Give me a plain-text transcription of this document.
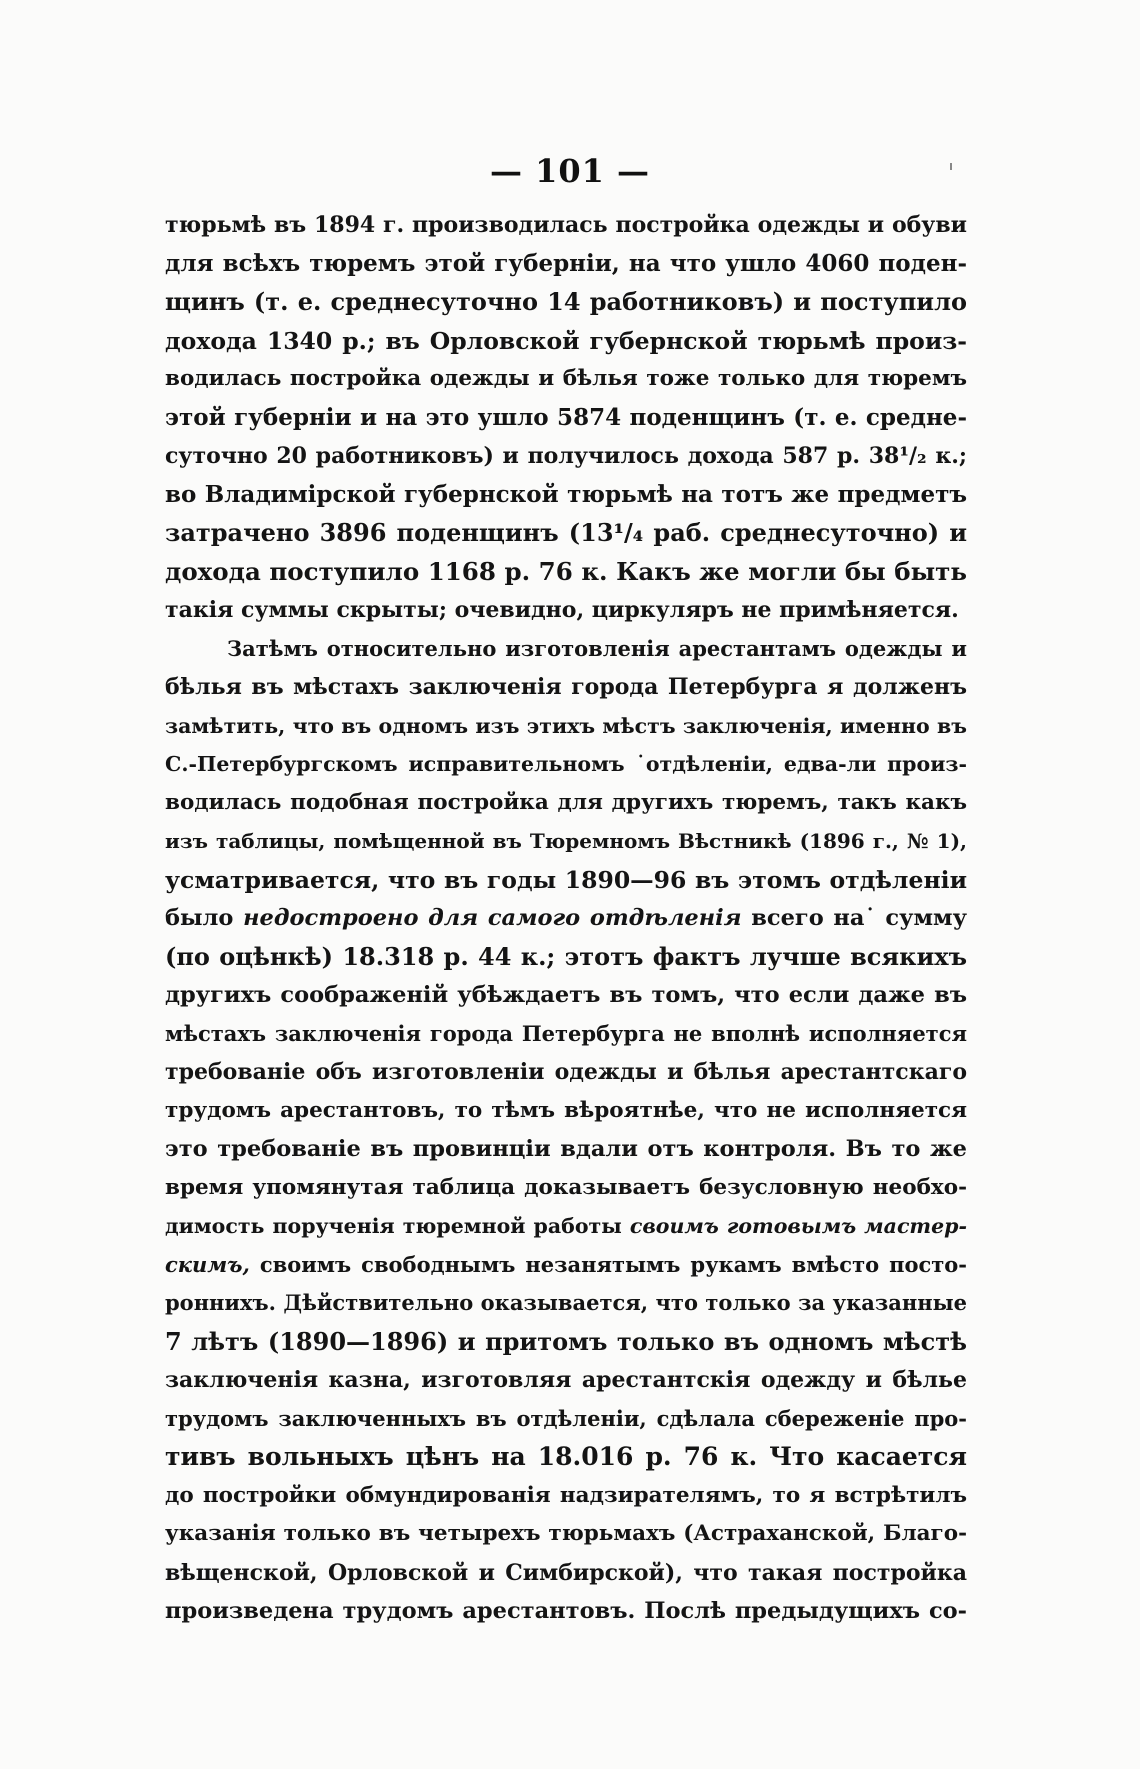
— 101 —
тюрьмѣ въ 1894 г. производилась постройка одежды и обуви
для всѣхъ тюремъ этой губерніи, на что ушло 4060 поден-
щинъ (т. е. среднесуточно 14 работниковъ) и поступило
дохода 1340 р.; въ Орловской губернской тюрьмѣ произ-
водилась постройка одежды и бѣлья тоже только для тюремъ
этой губерніи и на это ушло 5874 поденщинъ (т. е. средне-
суточно 20 работниковъ) и получилось дохода 587 р. 38¹/₂ к.;
во Владимірской губернской тюрьмѣ на тотъ же предметъ
затрачено 3896 поденщинъ (13¹/₄ раб. среднесуточно) и
дохода поступило 1168 р. 76 к. Какъ же могли бы быть
такія суммы скрыты; очевидно, циркуляръ не примѣняется.
Затѣмъ относительно изготовленія арестантамъ одежды и
бѣлья въ мѣстахъ заключенія города Петербурга я долженъ
замѣтить, что въ одномъ изъ этихъ мѣстъ заключенія, именно въ
С.-Петербургскомъ исправительномъ ˙отдѣленіи, едва-ли произ-
водилась подобная постройка для другихъ тюремъ, такъ какъ
изъ таблицы, помѣщенной въ Тюремномъ Вѣстникѣ (1896 г., № 1),
усматривается, что въ годы 1890—96 въ этомъ отдѣленіи
было недостроено для самого отдѣленія всего на˙ сумму
(по оцѣнкѣ) 18.318 р. 44 к.; этотъ фактъ лучше всякихъ
другихъ соображеній убѣждаетъ въ томъ, что если даже въ
мѣстахъ заключенія города Петербурга не вполнѣ исполняется
требованіе объ изготовленіи одежды и бѣлья арестантскаго
трудомъ арестантовъ, то тѣмъ вѣроятнѣе, что не исполняется
это требованіе въ провинціи вдали отъ контроля. Въ то же
время упомянутая таблица доказываетъ безусловную необхо-
димость порученія тюремной работы своимъ готовымъ мастер-
скимъ, своимъ свободнымъ незанятымъ рукамъ вмѣсто посто-
роннихъ. Дѣйствительно оказывается, что только за указанные
7 лѣтъ (1890—1896) и притомъ только въ одномъ мѣстѣ
заключенія казна, изготовляя арестантскія одежду и бѣлье
трудомъ заключенныхъ въ отдѣленіи, сдѣлала сбереженіе про-
тивъ вольныхъ цѣнъ на 18.016 р. 76 к. Что касается
до постройки обмундированія надзирателямъ, то я встрѣтилъ
указанія только въ четырехъ тюрьмахъ (Астраханской, Благо-
вѣщенской, Орловской и Симбирской), что такая постройка
произведена трудомъ арестантовъ. Послѣ предыдущихъ со-
